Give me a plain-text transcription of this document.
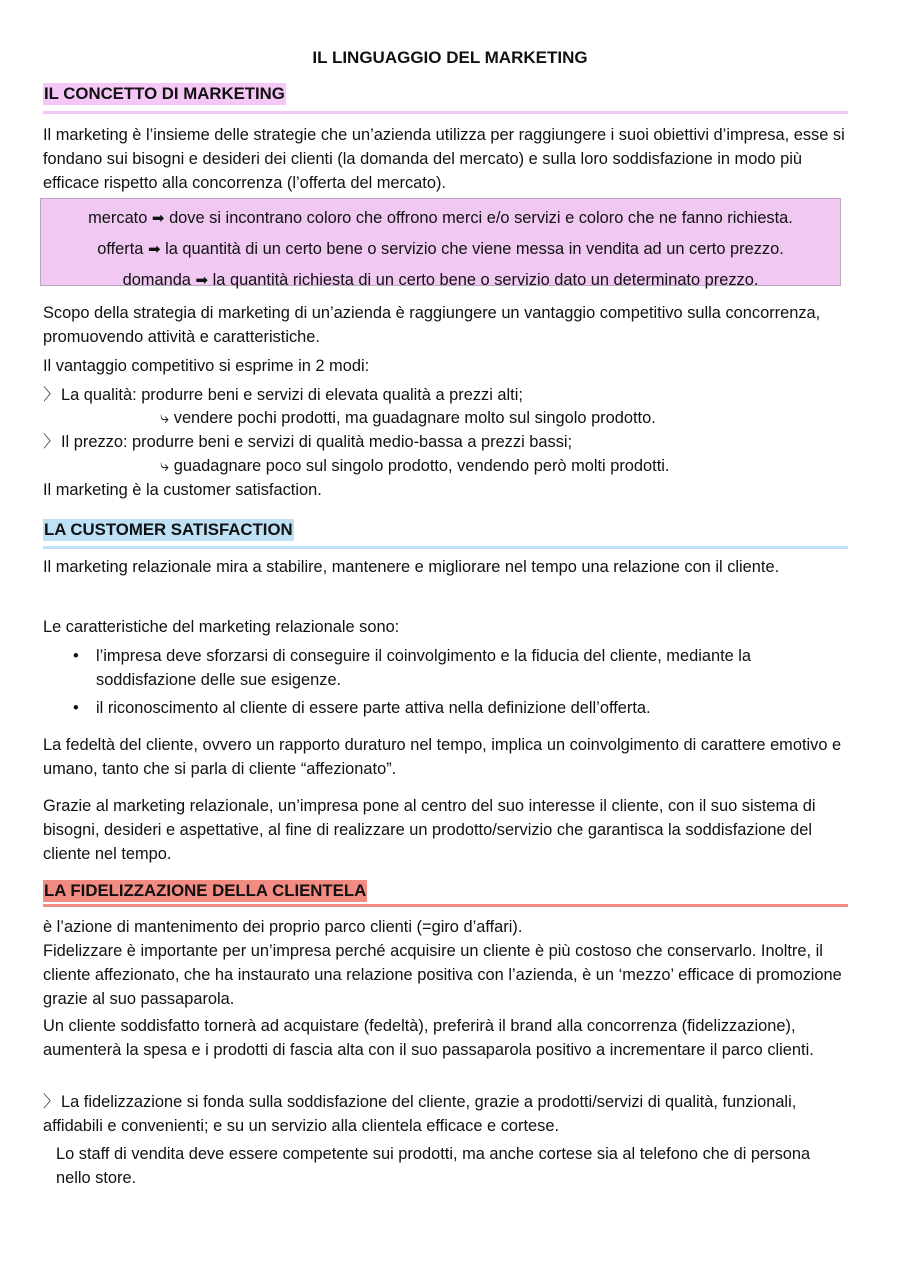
IL LINGUAGGIO DEL MARKETING
IL CONCETTO DI MARKETING

Il marketing è l’insieme delle strategie che un’azienda utilizza per raggiungere i suoi obiettivi d’impresa, esse si fondano sui bisogni e desideri dei clienti (la domanda del mercato) e sulla loro soddisfazione in modo più efficace rispetto alla concorrenza (l’offerta del mercato).

mercato ➡ dove si incontrano coloro che offrono merci e/o servizi e coloro che ne fanno richiesta.
offerta ➡ la quantità di un certo bene o servizio che viene messa in vendita ad un certo prezzo.
domanda ➡ la quantità richiesta di un certo bene o servizio dato un determinato prezzo.

Scopo della strategia di marketing di un’azienda è raggiungere un vantaggio competitivo sulla concorrenza, promuovendo attività e caratteristiche.

Il vantaggio competitivo si esprime in 2 modi:

〉La qualità: produrre beni e servizi di elevata qualità a prezzi alti;
⤷ vendere pochi prodotti, ma guadagnare molto sul singolo prodotto.
〉Il prezzo: produrre beni e servizi di qualità medio-bassa a prezzi bassi;
⤷ guadagnare poco sul singolo prodotto, vendendo però molti prodotti.

Il marketing è la customer satisfaction.

LA CUSTOMER SATISFACTION

Il marketing relazionale mira a stabilire, mantenere e migliorare nel tempo una relazione con il cliente.

Le caratteristiche del marketing relazionale sono:

• l’impresa deve sforzarsi di conseguire il coinvolgimento e la fiducia del cliente, mediante la soddisfazione delle sue esigenze.
• il riconoscimento al cliente di essere parte attiva nella definizione dell’offerta.

La fedeltà del cliente, ovvero un rapporto duraturo nel tempo, implica un coinvolgimento di carattere emotivo e umano, tanto che si parla di cliente “affezionato”.

Grazie al marketing relazionale, un’impresa pone al centro del suo interesse il cliente, con il suo sistema di bisogni, desideri e aspettative, al fine di realizzare un prodotto/servizio che garantisca la soddisfazione del cliente nel tempo.

LA FIDELIZZAZIONE DELLA CLIENTELA

è l’azione di mantenimento dei proprio parco clienti (=giro d’affari).

Fidelizzare è importante per un’impresa perché acquisire un cliente è più costoso che conservarlo. Inoltre, il cliente affezionato, che ha instaurato una relazione positiva con l’azienda, è un ‘mezzo’ efficace di promozione grazie al suo passaparola.

Un cliente soddisfatto tornerà ad acquistare (fedeltà), preferirà il brand alla concorrenza (fidelizzazione), aumenterà la spesa e i prodotti di fascia alta con il suo passaparola positivo a incrementare il parco clienti.

〉La fidelizzazione si fonda sulla soddisfazione del cliente, grazie a prodotti/servizi di qualità, funzionali, affidabili e convenienti; e su un servizio alla clientela efficace e cortese.

Lo staff di vendita deve essere competente sui prodotti, ma anche cortese sia al telefono che di persona nello store.
